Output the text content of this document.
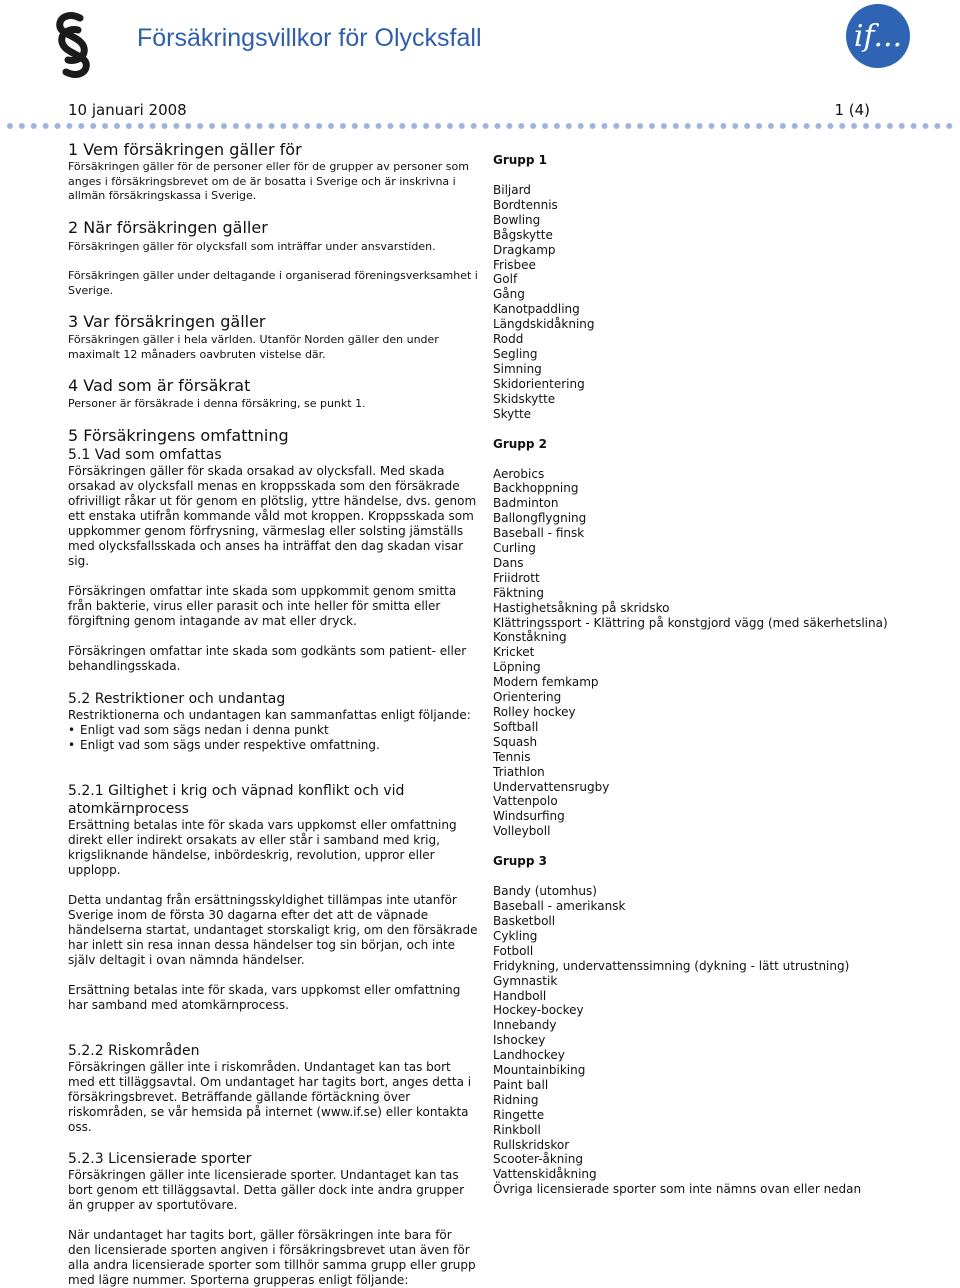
Försäkringsvillkor för Olycksfall	if...
10 januari 2008	1 (4)
1 Vem försäkringen gäller för

Försäkringen gäller för de personer eller för de grupper av personer som anges i försäkringsbrevet om de är bosatta i Sverige och är inskrivna i allmän försäkringskassa i Sverige.

2 När försäkringen gäller

Försäkringen gäller för olycksfall som inträffar under ansvarstiden.

Försäkringen gäller under deltagande i organiserad föreningsverksamhet i Sverige.

3 Var försäkringen gäller

Försäkringen gäller i hela världen. Utanför Norden gäller den under maximalt 12 månaders oavbruten vistelse där.

4 Vad som är försäkrat

Personer är försäkrade i denna försäkring, se punkt 1.

5 Försäkringens omfattning
5.1 Vad som omfattas

Försäkringen gäller för skada orsakad av olycksfall. Med skada orsakad av olycksfall menas en kroppsskada som den försäkrade ofrivilligt råkar ut för genom en plötslig, yttre händelse, dvs. genom ett enstaka utifrån kommande våld mot kroppen. Kroppsskada som uppkommer genom förfrysning, värmeslag eller solsting jämställs med olycksfallsskada och anses ha inträffat den dag skadan visar sig.

Försäkringen omfattar inte skada som uppkommit genom smitta från bakterie, virus eller parasit och inte heller för smitta eller förgiftning genom intagande av mat eller dryck.

Försäkringen omfattar inte skada som godkänts som patient- eller behandlingsskada.

5.2 Restriktioner och undantag

Restriktionerna och undantagen kan sammanfattas enligt följande:

• Enligt vad som sägs nedan i denna punkt

• Enligt vad som sägs under respektive omfattning.

5.2.1 Giltighet i krig och väpnad konflikt och vid atomkärnprocess

Ersättning betalas inte för skada vars uppkomst eller omfattning direkt eller indirekt orsakats av eller står i samband med krig, krigsliknande händelse, inbördeskrig, revolution, uppror eller upplopp.

Detta undantag från ersättningsskyldighet tillämpas inte utanför Sverige inom de första 30 dagarna efter det att de väpnade händelserna startat, undantaget storskaligt krig, om den försäkrade har inlett sin resa innan dessa händelser tog sin början, och inte själv deltagit i ovan nämnda händelser.

Ersättning betalas inte för skada, vars uppkomst eller omfattning har samband med atomkärnprocess.

5.2.2 Riskområden

Försäkringen gäller inte i riskområden. Undantaget kan tas bort med ett tilläggsavtal. Om undantaget har tagits bort, anges detta i försäkringsbrevet. Beträffande gällande förtäckning över riskområden, se vår hemsida på internet (www.if.se) eller kontakta oss.

5.2.3 Licensierade sporter

Försäkringen gäller inte licensierade sporter. Undantaget kan tas bort genom ett tilläggsavtal. Detta gäller dock inte andra grupper än grupper av sportutövare.

När undantaget har tagits bort, gäller försäkringen inte bara för den licensierade sporten angiven i försäkringsbrevet utan även för alla andra licensierade sporter som tillhör samma grupp eller grupp med lägre nummer. Sporterna grupperas enligt följande:

Grupp 1

Biljard

Bordtennis

Bowling

Bågskytte

Dragkamp

Frisbee

Golf

Gång

Kanotpaddling

Längdskidåkning

Rodd

Segling

Simning

Skidorientering

Skidskytte

Skytte

Grupp 2

Aerobics

Backhoppning

Badminton

Ballongflygning

Baseball - finsk

Curling

Dans

Friidrott

Fäktning

Hastighetsåkning på skridsko

Klättringssport - Klättring på konstgjord vägg (med säkerhetslina)

Konståkning

Kricket

Löpning

Modern femkamp

Orientering

Rolley hockey

Softball

Squash

Tennis

Triathlon

Undervattensrugby

Vattenpolo

Windsurfing

Volleyboll

Grupp 3

Bandy (utomhus)

Baseball - amerikansk

Basketboll

Cykling

Fotboll

Fridykning, undervattenssimning (dykning - lätt utrustning)

Gymnastik

Handboll

Hockey-bockey

Innebandy

Ishockey

Landhockey

Mountainbiking

Paint ball

Ridning

Ringette

Rinkboll

Rullskridskor

Scooter-åkning

Vattenskidåkning

Övriga licensierade sporter som inte nämns ovan eller nedan
